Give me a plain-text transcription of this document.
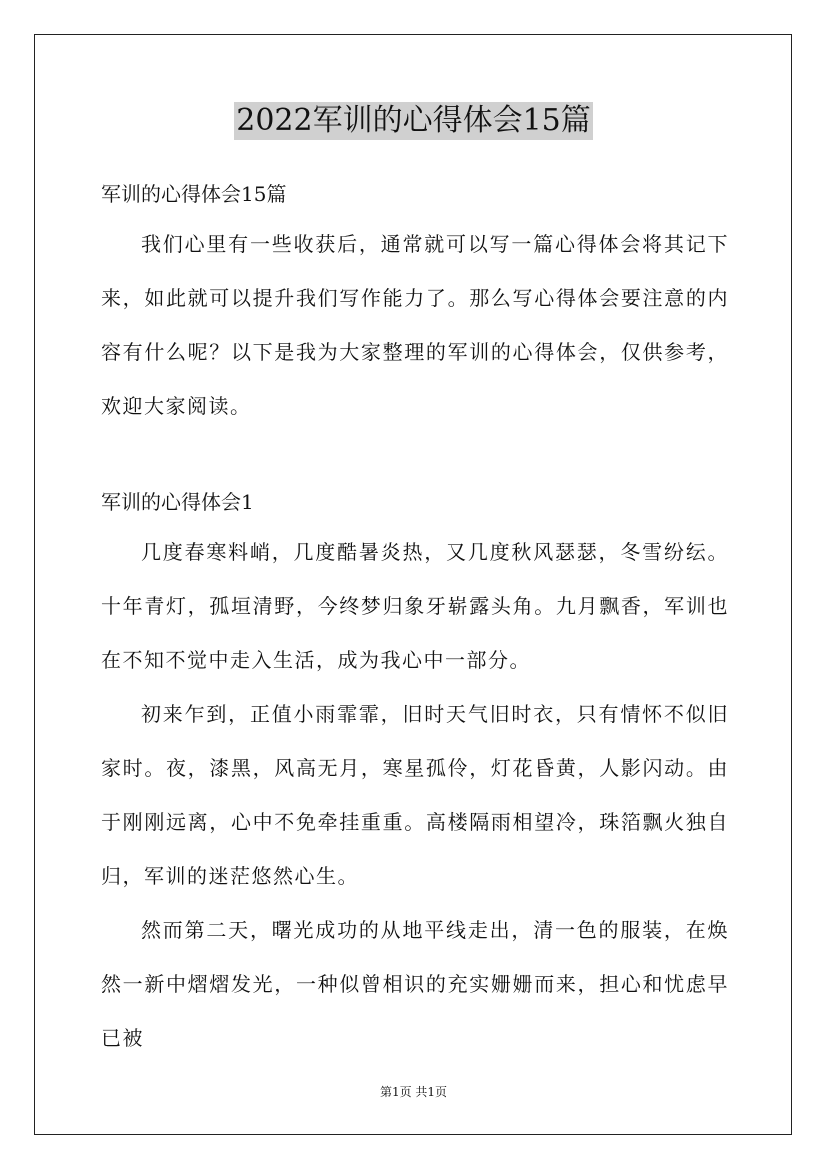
2022军训的心得体会15篇

军训的心得体会15篇

我们心里有一些收获后，通常就可以写一篇心得体会将其记下来，如此就可以提升我们写作能力了。那么写心得体会要注意的内容有什么呢？以下是我为大家整理的军训的心得体会，仅供参考，欢迎大家阅读。

军训的心得体会1

几度春寒料峭，几度酷暑炎热，又几度秋风瑟瑟，冬雪纷纭。十年青灯，孤垣清野，今终梦归象牙崭露头角。九月飘香，军训也在不知不觉中走入生活，成为我心中一部分。

初来乍到，正值小雨霏霏，旧时天气旧时衣，只有情怀不似旧家时。夜，漆黑，风高无月，寒星孤伶，灯花昏黄，人影闪动。由于刚刚远离，心中不免牵挂重重。高楼隔雨相望冷，珠箔飘火独自归，军训的迷茫悠然心生。

然而第二天，曙光成功的从地平线走出，清一色的服装，在焕然一新中熠熠发光，一种似曾相识的充实姗姗而来，担心和忧虑早已被

第1页 共1页
